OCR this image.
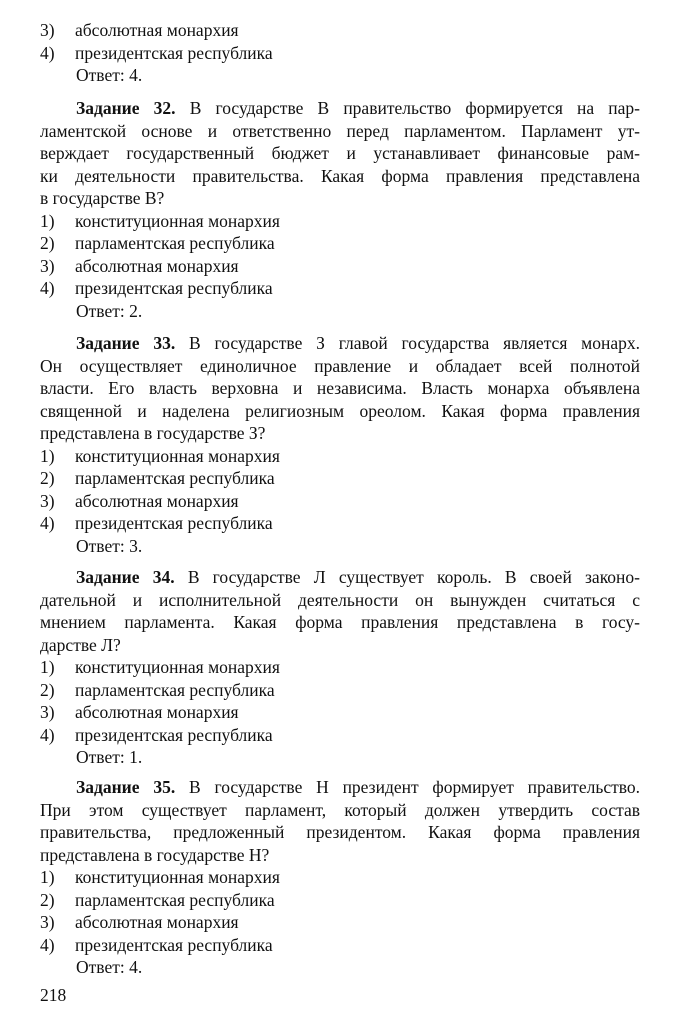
3) абсолютная монархия
4) президентская республика
Ответ: 4.
Задание 32. В государстве В правительство формируется на пар-
ламентской основе и ответственно перед парламентом. Парламент ут-
верждает государственный бюджет и устанавливает финансовые рам-
ки деятельности правительства. Какая форма правления представлена
в государстве В?
1) конституционная монархия
2) парламентская республика
3) абсолютная монархия
4) президентская республика
Ответ: 2.
Задание 33. В государстве З главой государства является монарх.
Он осуществляет единоличное правление и обладает всей полнотой
власти. Его власть верховна и независима. Власть монарха объявлена
священной и наделена религиозным ореолом. Какая форма правления
представлена в государстве З?
1) конституционная монархия
2) парламентская республика
3) абсолютная монархия
4) президентская республика
Ответ: 3.
Задание 34. В государстве Л существует король. В своей законо-
дательной и исполнительной деятельности он вынужден считаться с
мнением парламента. Какая форма правления представлена в госу-
дарстве Л?
1) конституционная монархия
2) парламентская республика
3) абсолютная монархия
4) президентская республика
Ответ: 1.
Задание 35. В государстве Н президент формирует правительство.
При этом существует парламент, который должен утвердить состав
правительства, предложенный президентом. Какая форма правления
представлена в государстве Н?
1) конституционная монархия
2) парламентская республика
3) абсолютная монархия
4) президентская республика
Ответ: 4.
218
